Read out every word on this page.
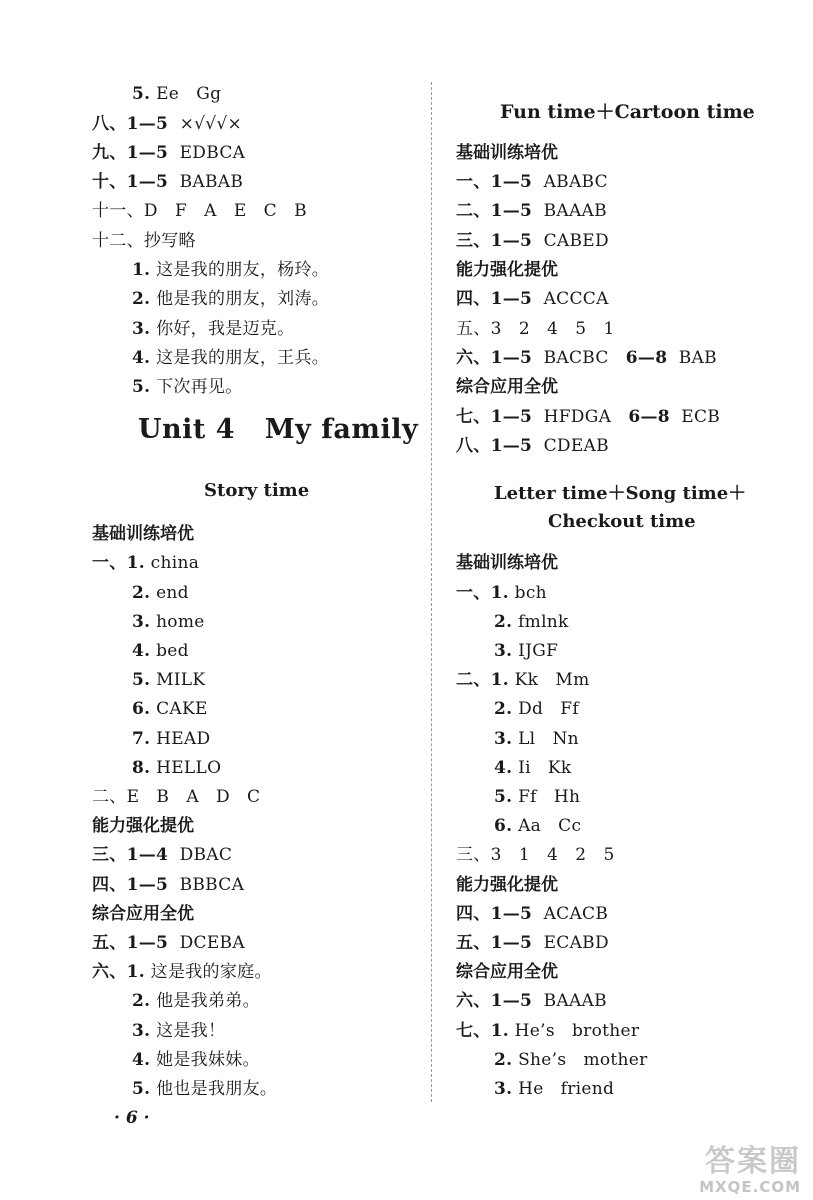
5. Ee   Gg
八、1—5  ×√√√×
九、1—5  EDBCA
十、1—5  BABAB
十一、D   F   A   E   C   B
十二、抄写略
1. 这是我的朋友，杨玲。
2. 他是我的朋友，刘涛。
3. 你好，我是迈克。
4. 这是我的朋友，王兵。
5. 下次再见。
Unit 4   My family
Story time
基础训练培优
一、1. china
2. end
3. home
4. bed
5. MILK
6. CAKE
7. HEAD
8. HELLO
二、E   B   A   D   C
能力强化提优
三、1—4  DBAC
四、1—5  BBBCA
综合应用全优
五、1—5  DCEBA
六、1. 这是我的家庭。
2. 他是我弟弟。
3. 这是我！
4. 她是我妹妹。
5. 他也是我朋友。
· 6 ·
Fun time＋Cartoon time
基础训练培优
一、1—5  ABABC
二、1—5  BAAAB
三、1—5  CABED
能力强化提优
四、1—5  ACCCA
五、3   2   4   5   1
六、1—5  BACBC   6—8  BAB
综合应用全优
七、1—5  HFDGA   6—8  ECB
八、1—5  CDEAB
Letter time＋Song time＋
Checkout time
基础训练培优
一、1. bch
2. fmlnk
3. IJGF
二、1. Kk   Mm
2. Dd   Ff
3. Ll   Nn
4. Ii   Kk
5. Ff   Hh
6. Aa   Cc
三、3   1   4   2   5
能力强化提优
四、1—5  ACACB
五、1—5  ECABD
综合应用全优
六、1—5  BAAAB
七、1. He’s   brother
2. She’s   mother
3. He   friend
答案圈
MXQE.COM
